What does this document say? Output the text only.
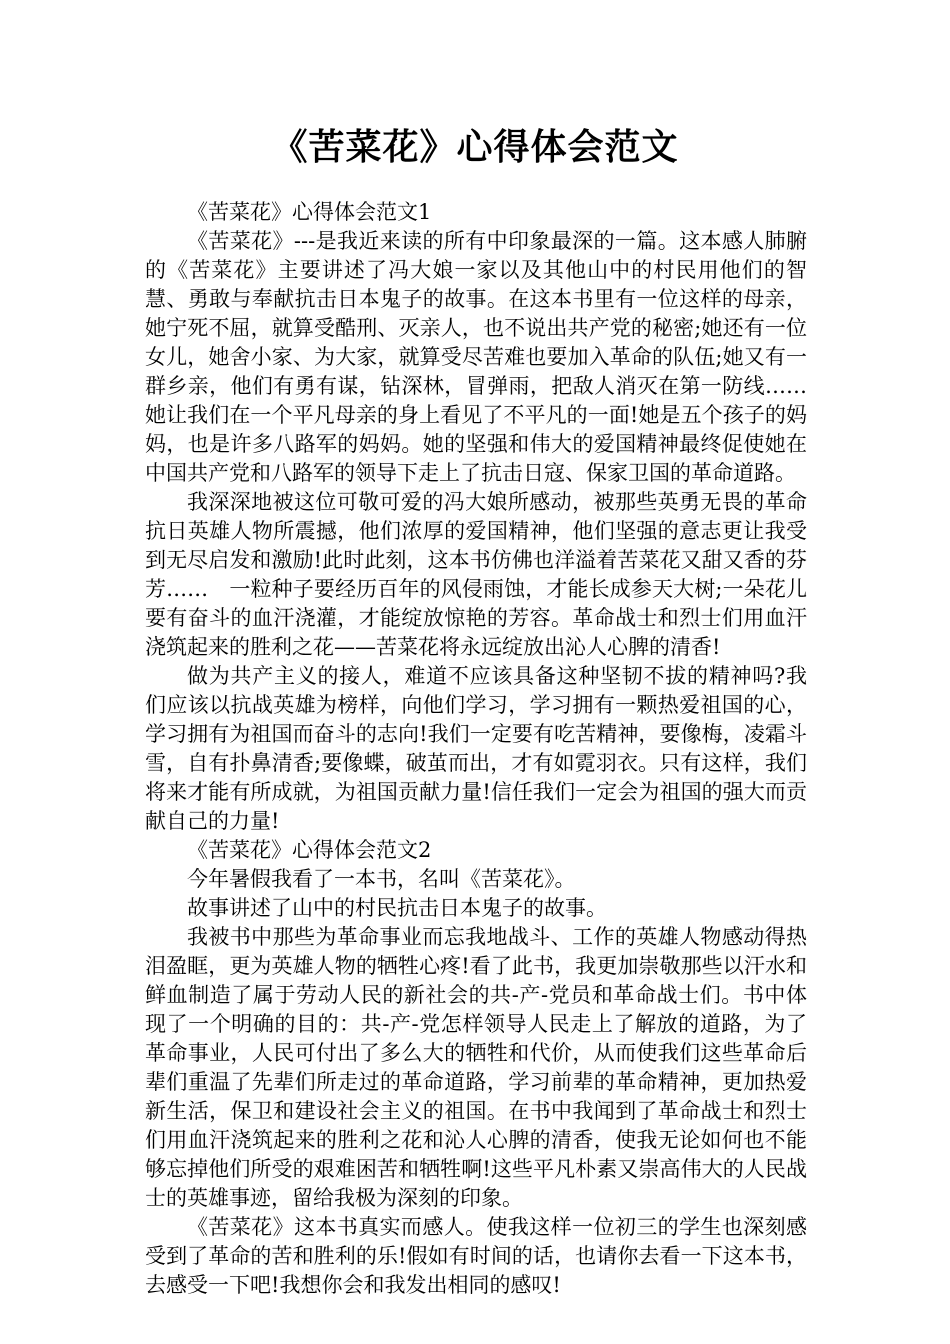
《苦菜花》心得体会范文

《苦菜花》心得体会范文1

《苦菜花》---是我近来读的所有中印象最深的一篇。这本感人肺腑的《苦菜花》主要讲述了冯大娘一家以及其他山中的村民用他们的智慧、勇敢与奉献抗击日本鬼子的故事。在这本书里有一位这样的母亲，她宁死不屈，就算受酷刑、灭亲人，也不说出共产党的秘密;她还有一位女儿，她舍小家、为大家，就算受尽苦难也要加入革命的队伍;她又有一群乡亲，他们有勇有谋，钻深林，冒弹雨，把敌人消灭在第一防线……她让我们在一个平凡母亲的身上看见了不平凡的一面!她是五个孩子的妈妈，也是许多八路军的妈妈。她的坚强和伟大的爱国精神最终促使她在中国共产党和八路军的领导下走上了抗击日寇、保家卫国的革命道路。

我深深地被这位可敬可爱的冯大娘所感动，被那些英勇无畏的革命抗日英雄人物所震撼，他们浓厚的爱国精神，他们坚强的意志更让我受到无尽启发和激励!此时此刻，这本书仿佛也洋溢着苦菜花又甜又香的芬芳……　一粒种子要经历百年的风侵雨蚀，才能长成参天大树;一朵花儿要有奋斗的血汗浇灌，才能绽放惊艳的芳容。革命战士和烈士们用血汗浇筑起来的胜利之花——苦菜花将永远绽放出沁人心脾的清香!

做为共产主义的接人，难道不应该具备这种坚韧不拔的精神吗?我们应该以抗战英雄为榜样，向他们学习，学习拥有一颗热爱祖国的心，学习拥有为祖国而奋斗的志向!我们一定要有吃苦精神，要像梅，凌霜斗雪，自有扑鼻清香;要像蝶，破茧而出，才有如霓羽衣。只有这样，我们将来才能有所成就，为祖国贡献力量!信任我们一定会为祖国的强大而贡献自己的力量!

《苦菜花》心得体会范文2

今年暑假我看了一本书，名叫《苦菜花》。

故事讲述了山中的村民抗击日本鬼子的故事。

我被书中那些为革命事业而忘我地战斗、工作的英雄人物感动得热泪盈眶，更为英雄人物的牺牲心疼!看了此书，我更加崇敬那些以汗水和鲜血制造了属于劳动人民的新社会的共-产-党员和革命战士们。书中体现了一个明确的目的：共-产-党怎样领导人民走上了解放的道路，为了革命事业，人民可付出了多么大的牺牲和代价，从而使我们这些革命后辈们重温了先辈们所走过的革命道路，学习前辈的革命精神，更加热爱新生活，保卫和建设社会主义的祖国。在书中我闻到了革命战士和烈士们用血汗浇筑起来的胜利之花和沁人心脾的清香，使我无论如何也不能够忘掉他们所受的艰难困苦和牺牲啊!这些平凡朴素又崇高伟大的人民战士的英雄事迹，留给我极为深刻的印象。

《苦菜花》这本书真实而感人。使我这样一位初三的学生也深刻感受到了革命的苦和胜利的乐!假如有时间的话，也请你去看一下这本书，去感受一下吧!我想你会和我发出相同的感叹!
